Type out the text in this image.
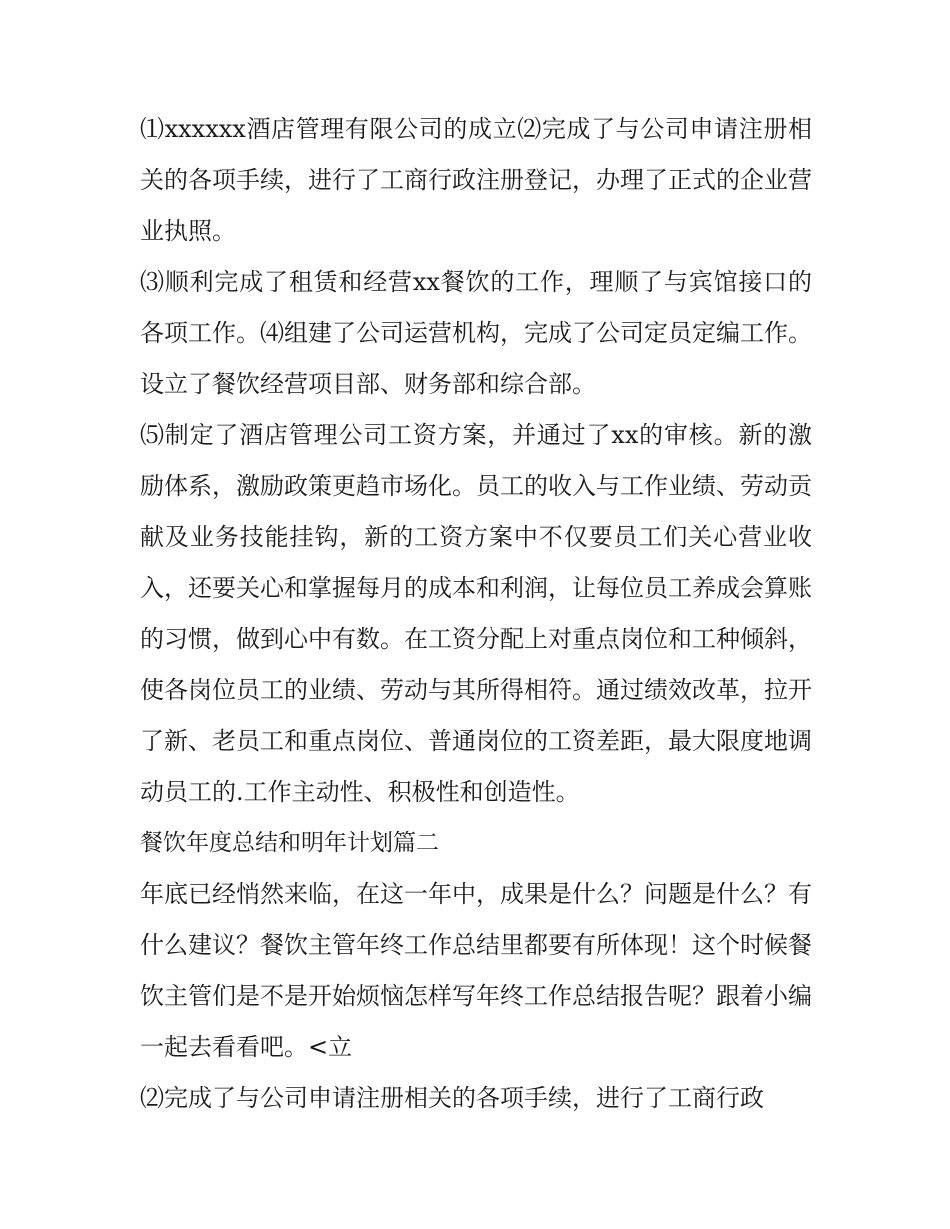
⑴xxxxxx酒店管理有限公司的成立⑵完成了与公司申请注册相关的各项手续，进行了工商行政注册登记，办理了正式的企业营业执照。

⑶顺利完成了租赁和经营xx餐饮的工作，理顺了与宾馆接口的各项工作。⑷组建了公司运营机构，完成了公司定员定编工作。设立了餐饮经营项目部、财务部和综合部。

⑸制定了酒店管理公司工资方案，并通过了xx的审核。新的激励体系，激励政策更趋市场化。员工的收入与工作业绩、劳动贡献及业务技能挂钩，新的工资方案中不仅要员工们关心营业收入，还要关心和掌握每月的成本和利润，让每位员工养成会算账的习惯，做到心中有数。在工资分配上对重点岗位和工种倾斜，使各岗位员工的业绩、劳动与其所得相符。通过绩效改革，拉开了新、老员工和重点岗位、普通岗位的工资差距，最大限度地调动员工的.工作主动性、积极性和创造性。

餐饮年度总结和明年计划篇二

年底已经悄然来临，在这一年中，成果是什么？问题是什么？有什么建议？餐饮主管年终工作总结里都要有所体现！这个时候餐饮主管们是不是开始烦恼怎样写年终工作总结报告呢？跟着小编一起去看看吧。<立

⑵完成了与公司申请注册相关的各项手续，进行了工商行政
